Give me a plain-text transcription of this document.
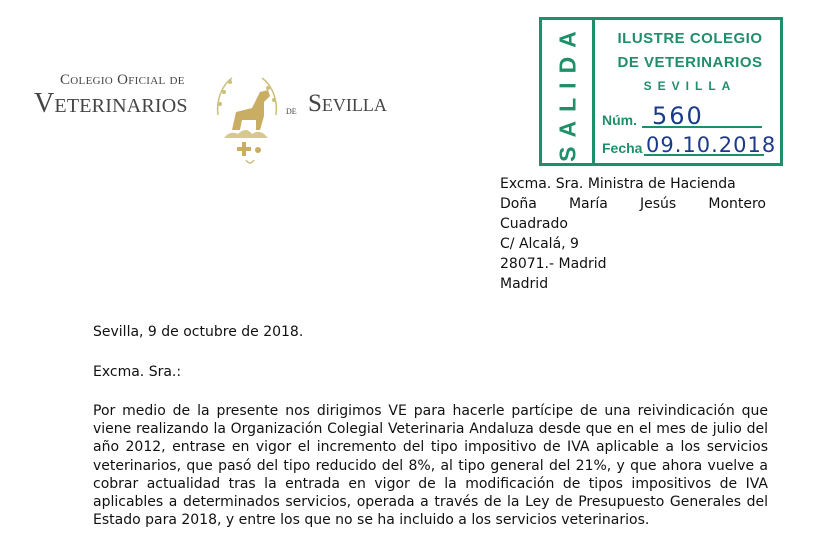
Colegio Oficial de
Veterinarios	de Sevilla	SALIDA	ILUSTRE COLEGIO
DE VETERINARIOS
SEVILLA
Núm. 560
Fecha 09.10.2018
Excma. Sra. Ministra de Hacienda
Doña María Jesús Montero
Cuadrado
C/ Alcalá, 9
28071.- Madrid
Madrid
Sevilla, 9 de octubre de 2018.
Excma. Sra.:
Por medio de la presente nos dirigimos VE para hacerle partícipe de una reivindicación que viene realizando la Organización Colegial Veterinaria Andaluza desde que en el mes de julio del año 2012, entrase en vigor el incremento del tipo impositivo de IVA aplicable a los servicios veterinarios, que pasó del tipo reducido del 8%, al tipo general del 21%, y que ahora vuelve a cobrar actualidad tras la entrada en vigor de la modificación de tipos impositivos de IVA aplicables a determinados servicios, operada a través de la Ley de Presupuesto Generales del Estado para 2018, y entre los que no se ha incluido a los servicios veterinarios.
